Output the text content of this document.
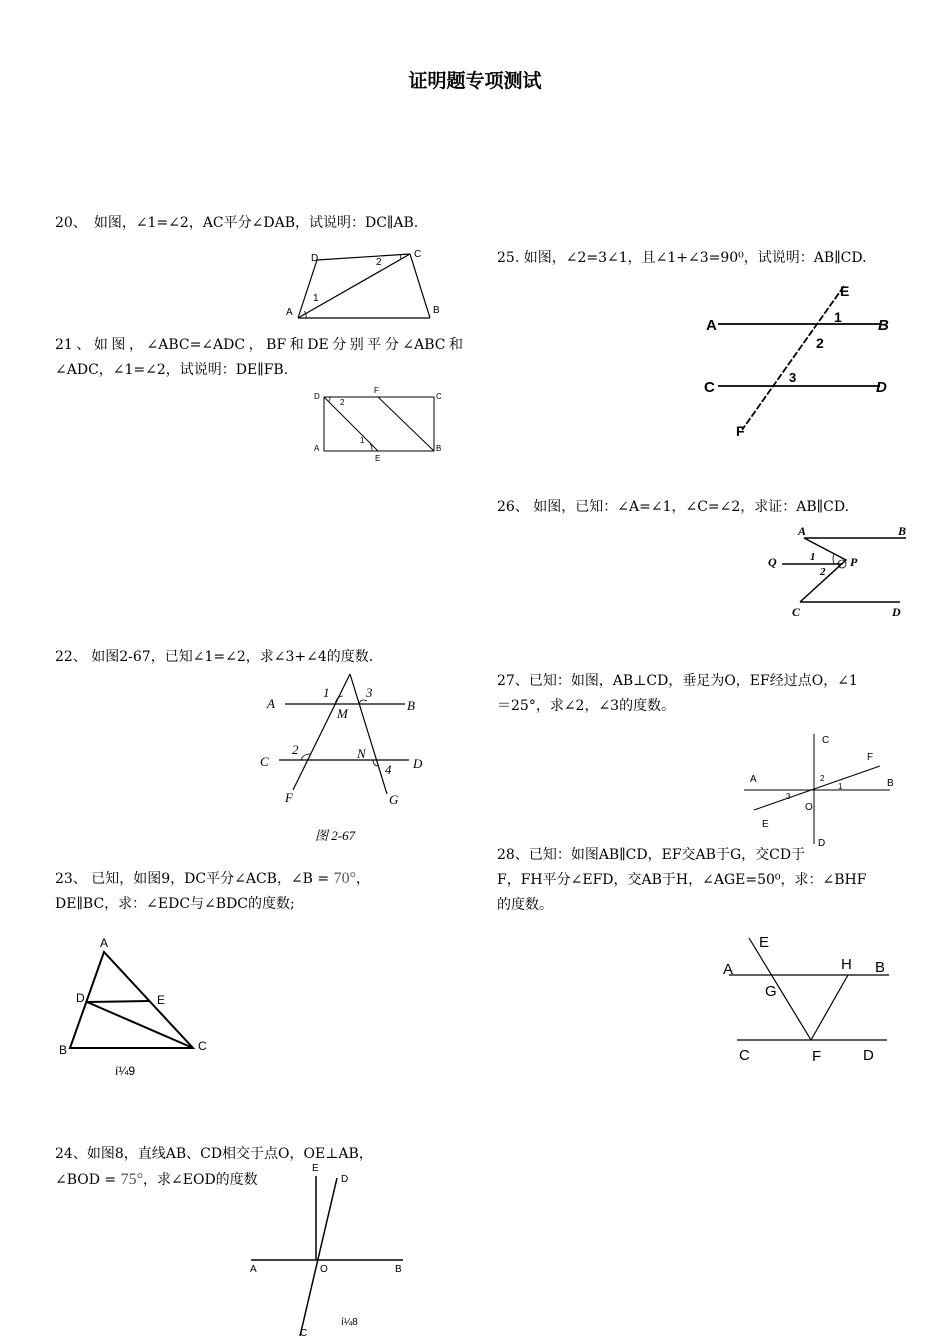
证明题专项测试
20、　如图，∠1=∠2，AC平分∠DAB，试说明：DC∥AB.
A	B
C
D
1
2
21、如图，∠ABC=∠ADC，BF和DE分别平分∠ABC和∠ADC，∠1=∠2，试说明：DE∥FB.
A	B
C
D
E
F
1
2
22、 如图2-67，已知∠1=∠2，求∠3+∠4的度数.
A	B
C	D
F	G
M
N
1	3
2
4
图 2-67
23、 已知，如图9，DC平分∠ACB，∠B = 70°，
DE∥BC，求：∠EDC与∠BDC的度数;
A
B	C
D	E
í¼9
24、如图8，直线AB、CD相交于点O，OE⊥AB，
∠BOD = 75°，求∠EOD的度数
A	B
C
D
E
O
í¼8
25. 如图，∠2=3∠1，且∠1+∠3=90⁰，试说明：AB∥CD.
A	B
C	D
E
F
1
2
3
26、 如图，已知：∠A=∠1，∠C=∠2，求证：AB∥CD.
A	B
C	D
P
Q	1
2
27、已知：如图，AB⊥CD，垂足为O，EF经过点O，∠1
＝25°，求∠2，∠3的度数。
A	B
C
D
E
F
O
1
2
3
28、已知：如图AB∥CD，EF交AB于G，交CD于
F，FH平分∠EFD，交AB于H，∠AGE=50⁰，求：∠BHF
的度数。
A	B
C	D
E
F
G
H
